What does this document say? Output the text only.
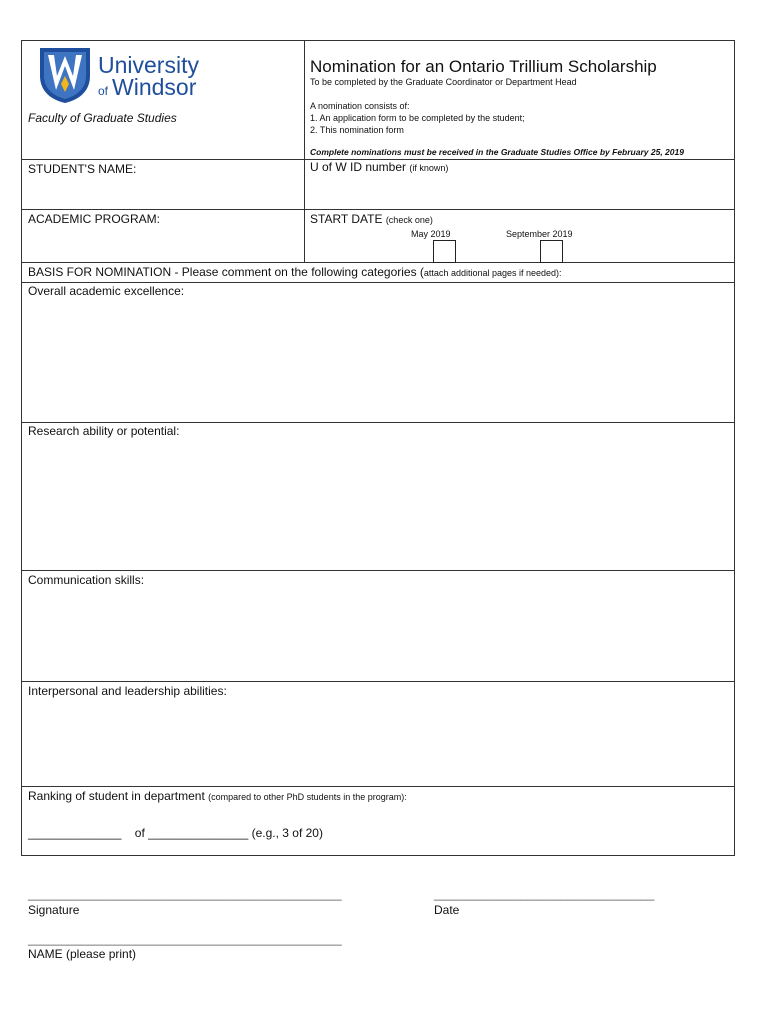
University
of Windsor
Faculty of Graduate Studies
Nomination for an Ontario Trillium Scholarship
To be completed by the Graduate Coordinator or Department Head
A nomination consists of:
1. An application form to be completed by the student;
2. This nomination form
Complete nominations must be received in the Graduate Studies Office by February 25, 2019
STUDENT'S NAME:	U of W ID number (if known)
ACADEMIC PROGRAM:	START DATE (check one)
May 2019	September 2019
BASIS FOR NOMINATION - Please comment on the following categories (attach additional pages if needed):
Overall academic excellence:
Research ability or potential:
Communication skills:
Interpersonal and leadership abilities:
Ranking of student in department (compared to other PhD students in the program):
______________ of _______________ (e.g., 3 of 20)
_______________________________________________
Signature
_________________________________
Date
_______________________________________________
NAME (please print)
